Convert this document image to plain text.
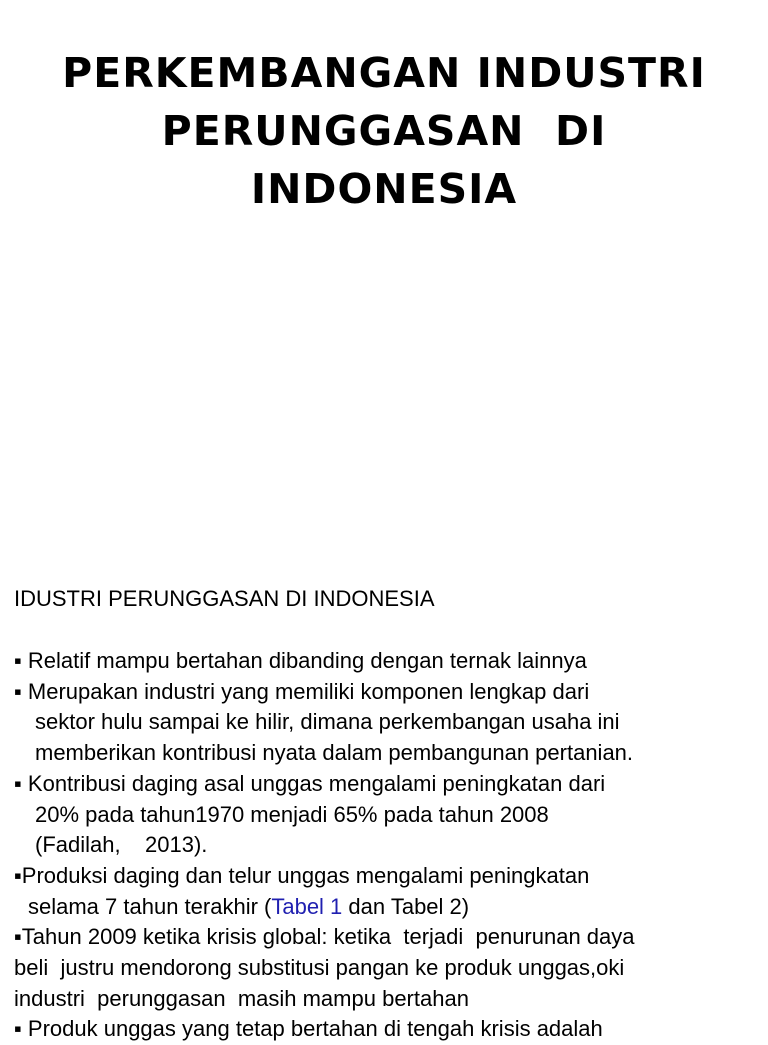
PERKEMBANGAN INDUSTRI
PERUNGGASAN  DI
INDONESIA
IDUSTRI PERUNGGASAN DI INDONESIA
▪ Relatif mampu bertahan dibanding dengan ternak lainnya
▪ Merupakan industri yang memiliki komponen lengkap dari
sektor hulu sampai ke hilir, dimana perkembangan usaha ini
memberikan kontribusi nyata dalam pembangunan pertanian.
▪ Kontribusi daging asal unggas mengalami peningkatan dari
20% pada tahun1970 menjadi 65% pada tahun 2008
(Fadilah,    2013).
▪Produksi daging dan telur unggas mengalami peningkatan
selama 7 tahun terakhir (Tabel 1 dan Tabel 2)
▪Tahun 2009 ketika krisis global: ketika  terjadi  penurunan daya
beli  justru mendorong substitusi pangan ke produk unggas,oki
industri  perunggasan  masih mampu bertahan
▪ Produk unggas yang tetap bertahan di tengah krisis adalah
